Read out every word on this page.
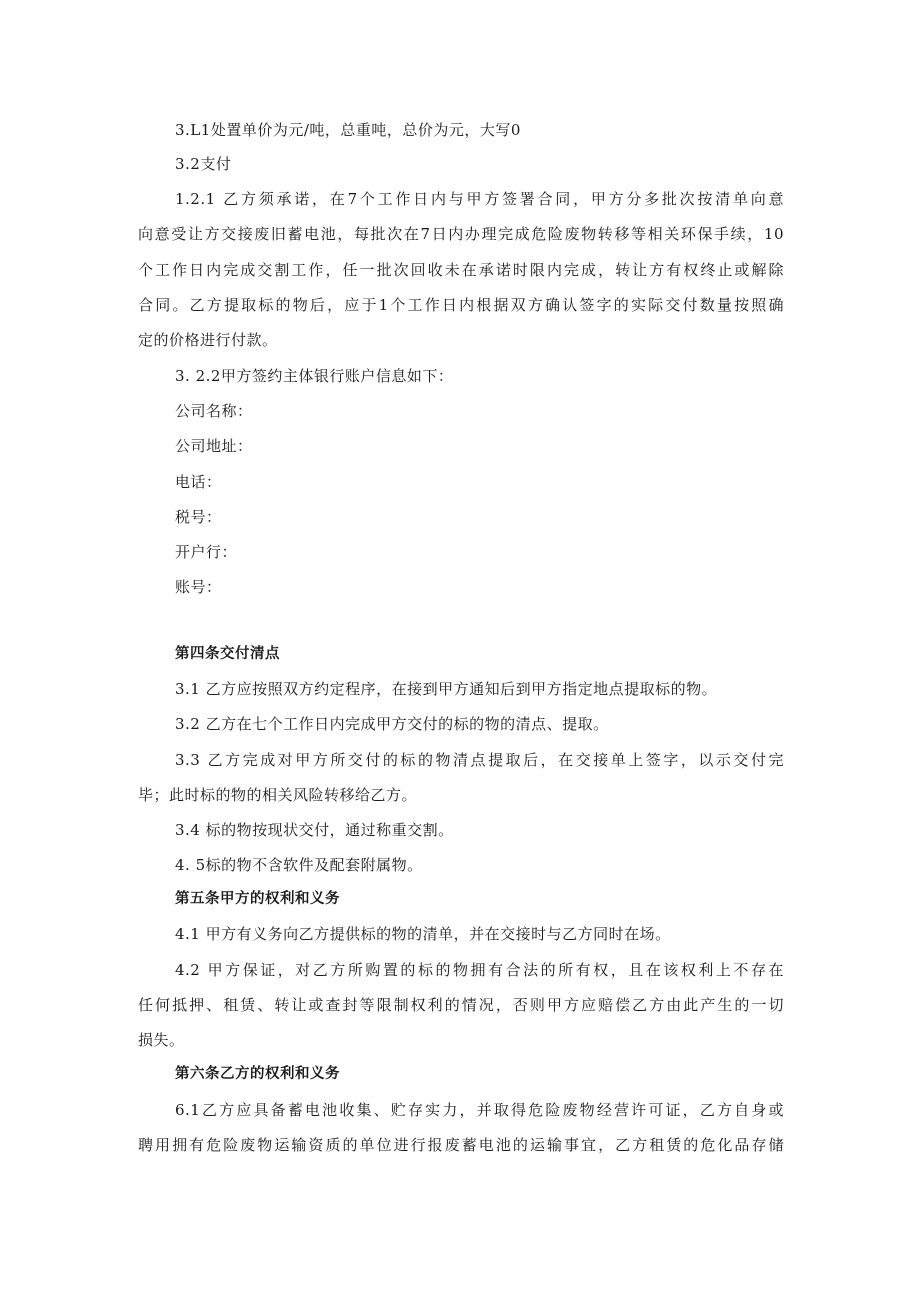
3.L1处置单价为元/吨，总重吨，总价为元，大写0
3.2支付
1.2.1 乙方须承诺，在7个工作日内与甲方签署合同，甲方分多批次按清单向意
向意受让方交接废旧蓄电池，每批次在7日内办理完成危险废物转移等相关环保手续，10
个工作日内完成交割工作，任一批次回收未在承诺时限内完成，转让方有权终止或解除
合同。乙方提取标的物后，应于1个工作日内根据双方确认签字的实际交付数量按照确
定的价格进行付款。
3. 2.2甲方签约主体银行账户信息如下：
公司名称：
公司地址：
电话：
税号：
开户行：
账号：
第四条交付清点
3.1 乙方应按照双方约定程序，在接到甲方通知后到甲方指定地点提取标的物。
3.2 乙方在七个工作日内完成甲方交付的标的物的清点、提取。
3.3 乙方完成对甲方所交付的标的物清点提取后，在交接单上签字，以示交付完
毕；此时标的物的相关风险转移给乙方。
3.4 标的物按现状交付，通过称重交割。
4. 5标的物不含软件及配套附属物。
第五条甲方的权利和义务
4.1 甲方有义务向乙方提供标的物的清单，并在交接时与乙方同时在场。
4.2 甲方保证，对乙方所购置的标的物拥有合法的所有权，且在该权利上不存在
任何抵押、租赁、转让或查封等限制权利的情况，否则甲方应赔偿乙方由此产生的一切
损失。
第六条乙方的权利和义务
6.1乙方应具备蓄电池收集、贮存实力，并取得危险废物经营许可证，乙方自身或
聘用拥有危险废物运输资质的单位进行报废蓄电池的运输事宜，乙方租赁的危化品存储
